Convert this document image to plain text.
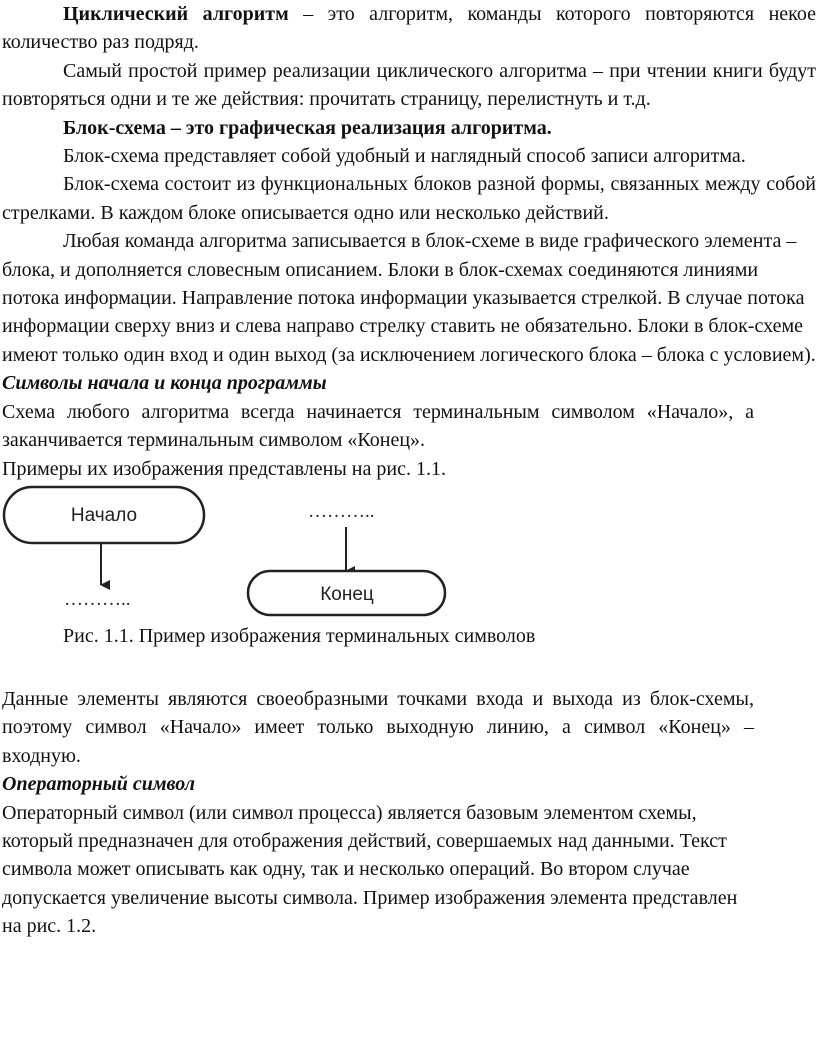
Циклический алгоритм – это алгоритм, команды которого повторяются некое количество раз подряд.

Самый простой пример реализации циклического алгоритма – при чтении книги будут повторяться одни и те же действия: прочитать страницу, перелистнуть и т.д.

Блок-схема – это графическая реализация алгоритма.

Блок-схема представляет собой удобный и наглядный способ записи алгоритма.

Блок-схема состоит из функциональных блоков разной формы, связанных между собой стрелками. В каждом блоке описывается одно или несколько действий.

Любая команда алгоритма записывается в блок-схеме в виде графического элемента – блока, и дополняется словесным описанием. Блоки в блок-схемах соединяются линиями потока информации. Направление потока информации указывается стрелкой. В случае потока информации сверху вниз и слева направо стрелку ставить не обязательно. Блоки в блок-схеме имеют только один вход и один выход (за исключением логического блока – блока с условием).

Символы начала и конца программы

Схема любого алгоритма всегда начинается терминальным символом «Начало», а заканчивается терминальным символом «Конец».

Примеры их изображения представлены на рис. 1.1.

Начало
………..
………..
Конец

Рис. 1.1. Пример изображения терминальных символов

Данные элементы являются своеобразными точками входа и выхода из блок-схемы, поэтому символ «Начало» имеет только выходную линию, а символ «Конец» – входную.

Операторный символ

Операторный символ (или символ процесса) является базовым элементом схемы, который предназначен для отображения действий, совершаемых над данными. Текст символа может описывать как одну, так и несколько операций. Во втором случае допускается увеличение высоты символа. Пример изображения элемента представлен на рис. 1.2.
